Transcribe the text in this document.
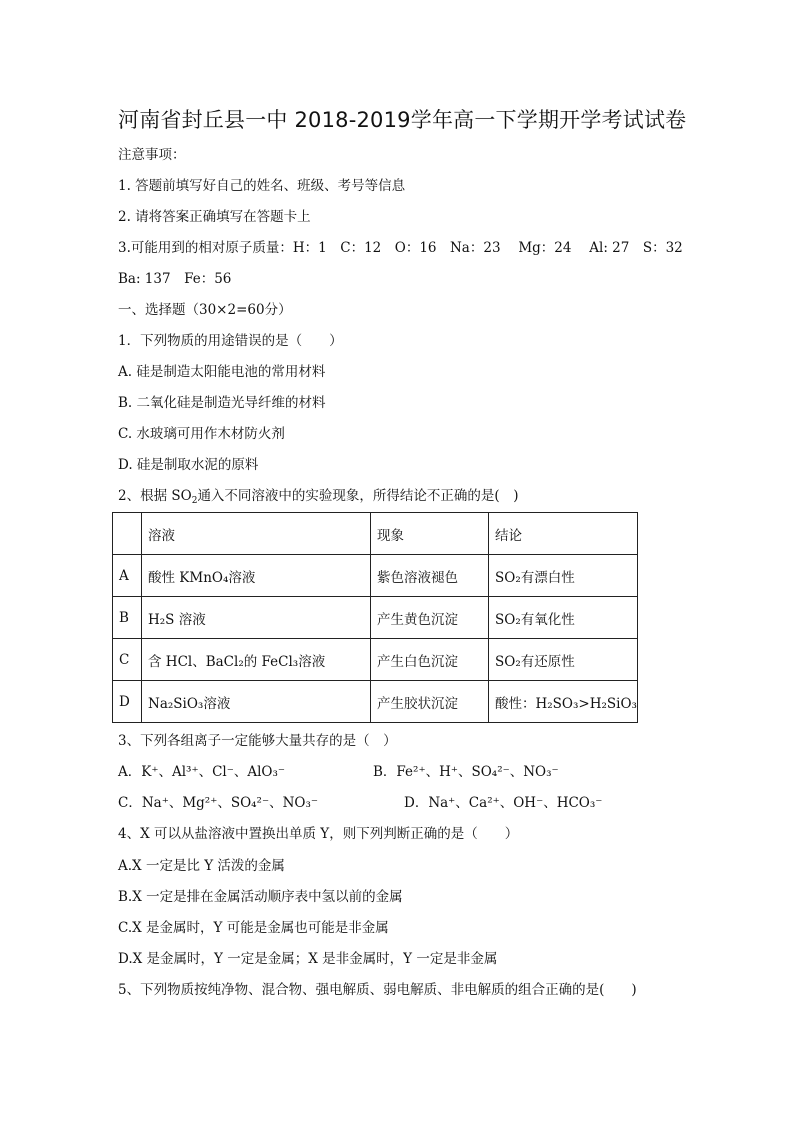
河南省封丘县一中 2018-2019学年高一下学期开学考试试卷
注意事项：
1. 答题前填写好自己的姓名、班级、考号等信息
2. 请将答案正确填写在答题卡上
3.可能用到的相对原子质量：H：1　C：12　O：16　Na：23　 Mg：24　 Al: 27　S：32
Ba: 137　Fe：56
一、选择题（30×2=60分）
1．下列物质的用途错误的是（　　）
A. 硅是制造太阳能电池的常用材料
B. 二氧化硅是制造光导纤维的材料
C. 水玻璃可用作木材防火剂
D. 硅是制取水泥的原料
2、根据 $SO_2$通入不同溶液中的实验现象，所得结论不正确的是(　)
	溶液	现象	结论
A	酸性 KMnO₄溶液	紫色溶液褪色	SO₂有漂白性
B	H₂S 溶液	产生黄色沉淀	SO₂有氧化性
C	含 HCl、BaCl₂的 FeCl₃溶液	产生白色沉淀	SO₂有还原性
D	Na₂SiO₃溶液	产生胶状沉淀	酸性：H₂SO₃>H₂SiO₃
3、下列各组离子一定能够大量共存的是（　）
A．K⁺、Al³⁺、Cl⁻、AlO₃⁻	B．Fe²⁺、H⁺、SO₄²⁻、NO₃⁻
C．Na⁺、Mg²⁺、SO₄²⁻、NO₃⁻	D．Na⁺、Ca²⁺、OH⁻、HCO₃⁻
4、X 可以从盐溶液中置换出单质 Y，则下列判断正确的是（　　）
A.X 一定是比 Y 活泼的金属
B.X 一定是排在金属活动顺序表中氢以前的金属
C.X 是金属时，Y 可能是金属也可能是非金属
D.X 是金属时，Y 一定是金属；X 是非金属时，Y 一定是非金属
5、下列物质按纯净物、混合物、强电解质、弱电解质、非电解质的组合正确的是(　　)
